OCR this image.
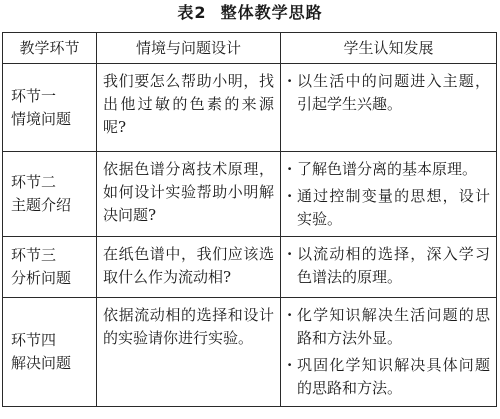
表2 整体教学思路
教学环节	情境与问题设计	学生认知发展

环节一
情境问题	我们要怎么帮助小明，找出他过敏的色素的来源呢?	· 以生活中的问题进入主题，引起学生兴趣。

环节二
主题介绍	依据色谱分离技术原理，如何设计实验帮助小明解决问题?	· 了解色谱分离的基本原理。
· 通过控制变量的思想，设计实验。

环节三
分析问题	在纸色谱中，我们应该选取什么作为流动相?	· 以流动相的选择，深入学习色谱法的原理。

环节四
解决问题	依据流动相的选择和设计的实验请你进行实验。	· 化学知识解决生活问题的思路和方法外显。
· 巩固化学知识解决具体问题的思路和方法。
